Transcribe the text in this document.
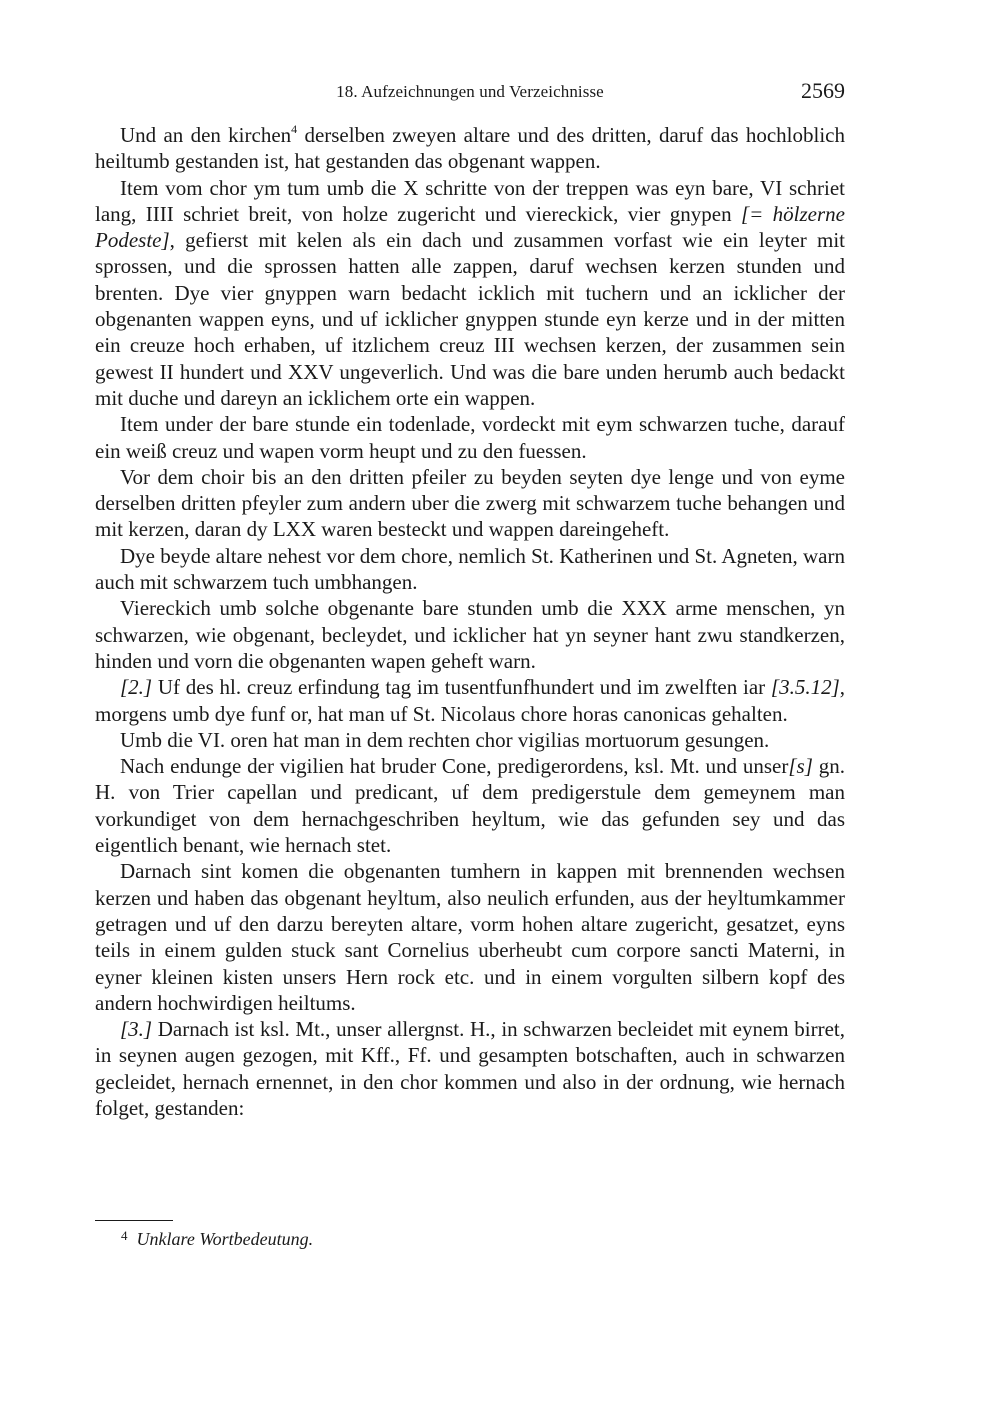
18. Aufzeichnungen und Verzeichnisse	2569

Und an den kirchen$^4$ derselben zweyen altare und des dritten, daruf das hochloblich heiltumb gestanden ist, hat gestanden das obgenant wappen.

Item vom chor ym tum umb die X schritte von der treppen was eyn bare, VI schriet lang, IIII schriet breit, von holze zugericht und viereckick, vier gnypen [= hölzerne Podeste], gefierst mit kelen als ein dach und zusammen vorfast wie ein leyter mit sprossen, und die sprossen hatten alle zappen, daruf wechsen kerzen stunden und brenten. Dye vier gnyppen warn bedacht icklich mit tuchern und an icklicher der obgenanten wappen eyns, und uf icklicher gnyppen stunde eyn kerze und in der mitten ein creuze hoch erhaben, uf itzlichem creuz III wechsen kerzen, der zusammen sein gewest II hundert und XXV ungeverlich. Und was die bare unden herumb auch bedackt mit duche und dareyn an icklichem orte ein wappen.

Item under der bare stunde ein todenlade, vordeckt mit eym schwarzen tuche, darauf ein weiß creuz und wapen vorm heupt und zu den fuessen.

Vor dem choir bis an den dritten pfeiler zu beyden seyten dye lenge und von eyme derselben dritten pfeyler zum andern uber die zwerg mit schwarzem tuche behangen und mit kerzen, daran dy LXX waren besteckt und wappen dareingeheft.

Dye beyde altare nehest vor dem chore, nemlich St. Katherinen und St. Agneten, warn auch mit schwarzem tuch umbhangen.

Viereckich umb solche obgenante bare stunden umb die XXX arme menschen, yn schwarzen, wie obgenant, becleydet, und icklicher hat yn seyner hant zwu standkerzen, hinden und vorn die obgenanten wapen geheft warn.

[2.] Uf des hl. creuz erfindung tag im tusentfunfhundert und im zwelften iar [3.5.12], morgens umb dye funf or, hat man uf St. Nicolaus chore horas canonicas gehalten.

Umb die VI. oren hat man in dem rechten chor vigilias mortuorum gesungen.

Nach endunge der vigilien hat bruder Cone, predigerordens, ksl. Mt. und unser[s] gn. H. von Trier capellan und predicant, uf dem predigerstule dem gemeynem man vorkundiget von dem hernachgeschriben heyltum, wie das gefunden sey und das eigentlich benant, wie hernach stet.

Darnach sint komen die obgenanten tumhern in kappen mit brennenden wechsen kerzen und haben das obgenant heyltum, also neulich erfunden, aus der heyltumkammer getragen und uf den darzu bereyten altare, vorm hohen altare zugericht, gesatzet, eyns teils in einem gulden stuck sant Cornelius uberheubt cum corpore sancti Materni, in eyner kleinen kisten unsers Hern rock etc. und in einem vorgulten silbern kopf des andern hochwirdigen heiltums.

[3.] Darnach ist ksl. Mt., unser allergnst. H., in schwarzen becleidet mit eynem birret, in seynen augen gezogen, mit Kff., Ff. und gesampten botschaften, auch in schwarzen gecleidet, hernach ernennet, in den chor kommen und also in der ordnung, wie hernach folget, gestanden:

$^4$ Unklare Wortbedeutung.
